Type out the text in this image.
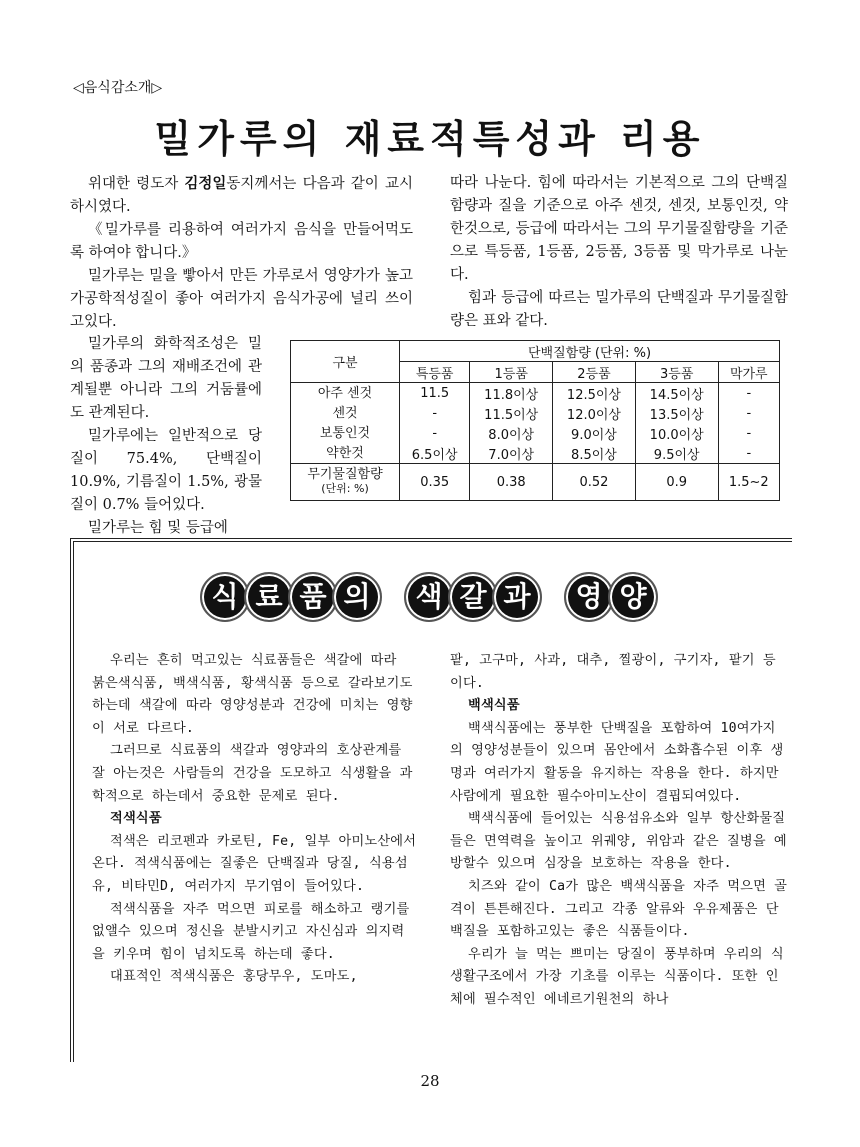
◁음식감소개▷
밀가루의 재료적특성과 리용

위대한 령도자 김정일동지께서는 다음과 같이 교시하시였다.

《밀가루를 리용하여 여러가지 음식을 만들어먹도록 하여야 합니다.》

밀가루는 밀을 빻아서 만든 가루로서 영양가가 높고 가공학적성질이 좋아 여러가지 음식가공에 널리 쓰이고있다.

밀가루의 화학적조성은 밀의 품종과 그의 재배조건에 관계될뿐 아니라 그의 거둠률에도 관계된다.

밀가루에는 일반적으로 당질이 75.4%, 단백질이 10.9%, 기름질이 1.5%, 광물질이 0.7% 들어있다.

밀가루는 힘 및 등급에

따라 나눈다. 힘에 따라서는 기본적으로 그의 단백질함량과 질을 기준으로 아주 센것, 센것, 보통인것, 약한것으로, 등급에 따라서는 그의 무기물질함량을 기준으로 특등품, 1등품, 2등품, 3등품 및 막가루로 나눈다.

힘과 등급에 따르는 밀가루의 단백질과 무기물질함량은 표와 같다.

구분	단백질함량 (단위: %)				
	특등품	1등품	2등품	3등품	막가루
아주 센것	11.5	11.8이상	12.5이상	14.5이상	-
센것	-	11.5이상	12.0이상	13.5이상	-
보통인것	-	8.0이상	9.0이상	10.0이상	-
약한것	6.5이상	7.0이상	8.5이상	9.5이상	-
무기물질함량
(단위: %)	0.35	0.38	0.52	0.9	1.5~2
식 료 품 의 색 갈 과 영 양

우리는 흔히 먹고있는 식료품들은 색갈에 따라 붉은색식품, 백색식품, 황색식품 등으로 갈라보기도 하는데 색갈에 따라 영양성분과 건강에 미치는 영향이 서로 다르다.

그러므로 식료품의 색갈과 영양과의 호상관계를 잘 아는것은 사람들의 건강을 도모하고 식생활을 과학적으로 하는데서 중요한 문제로 된다.

적색식품

적색은 리코펜과 카로틴, Fe, 일부 아미노산에서 온다. 적색식품에는 질좋은 단백질과 당질, 식용섬유, 비타민D, 여러가지 무기염이 들어있다.

적색식품을 자주 먹으면 피로를 해소하고 랭기를 없앨수 있으며 정신을 분발시키고 자신심과 의지력을 키우며 힘이 넘치도록 하는데 좋다.

대표적인 적색식품은 홍당무우, 도마도,

팥, 고구마, 사과, 대추, 찔광이, 구기자, 팥기 등이다.

백색식품

백색식품에는 풍부한 단백질을 포함하여 10여가지의 영양성분들이 있으며 몸안에서 소화흡수된 이후 생명과 여러가지 활동을 유지하는 작용을 한다. 하지만 사람에게 필요한 필수아미노산이 결핍되여있다.

백색식품에 들어있는 식용섬유소와 일부 항산화물질들은 면역력을 높이고 위궤양, 위암과 같은 질병을 예방할수 있으며 심장을 보호하는 작용을 한다.

치즈와 같이 Ca가 많은 백색식품을 자주 먹으면 골격이 튼튼해진다. 그리고 각종 알류와 우유제품은 단백질을 포함하고있는 좋은 식품들이다.

우리가 늘 먹는 쁘미는 당질이 풍부하며 우리의 식생활구조에서 가장 기초를 이루는 식품이다. 또한 인체에 필수적인 에네르기원천의 하나

28
